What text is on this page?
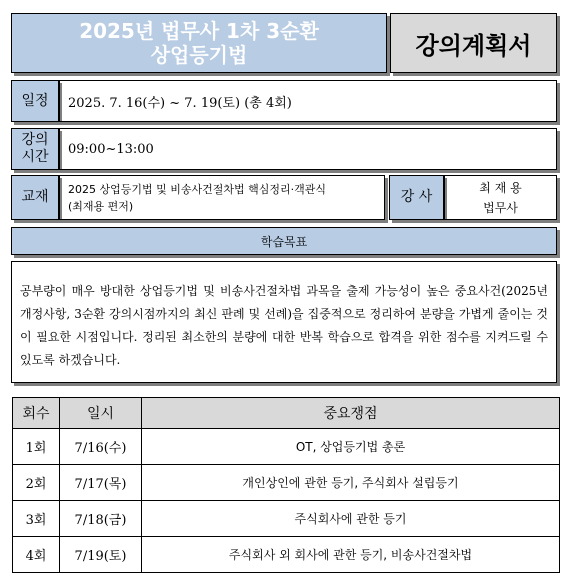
2025년 법무사 1차 3순환
상업등기법	강의계획서
일정 2025. 7. 16(수) ~ 7. 19(토) (총 4회)
강의
시간 09:00~13:00
교재 2025 상업등기법 및 비송사건절차법 핵심정리·객관식
(최재용 편저)
강 사
최 재 용
법무사
학습목표
공부량이 매우 방대한 상업등기법 및 비송사건절차법 과목을 출제 가능성이 높은 중요사건(2025년 개정사항, 3순환 강의시점까지의 최신 판례 및 선례)을 집중적으로 정리하여 분량을 가볍게 줄이는 것이 필요한 시점입니다. 정리된 최소한의 분량에 대한 반복 학습으로 합격을 위한 점수를 지켜드릴 수 있도록 하겠습니다.
회수	일시	중요쟁점
1회	7/16(수)	OT, 상업등기법 총론
2회	7/17(목)	개인상인에 관한 등기, 주식회사 설립등기
3회	7/18(금)	주식회사에 관한 등기
4회	7/19(토)	주식회사 외 회사에 관한 등기, 비송사건절차법
